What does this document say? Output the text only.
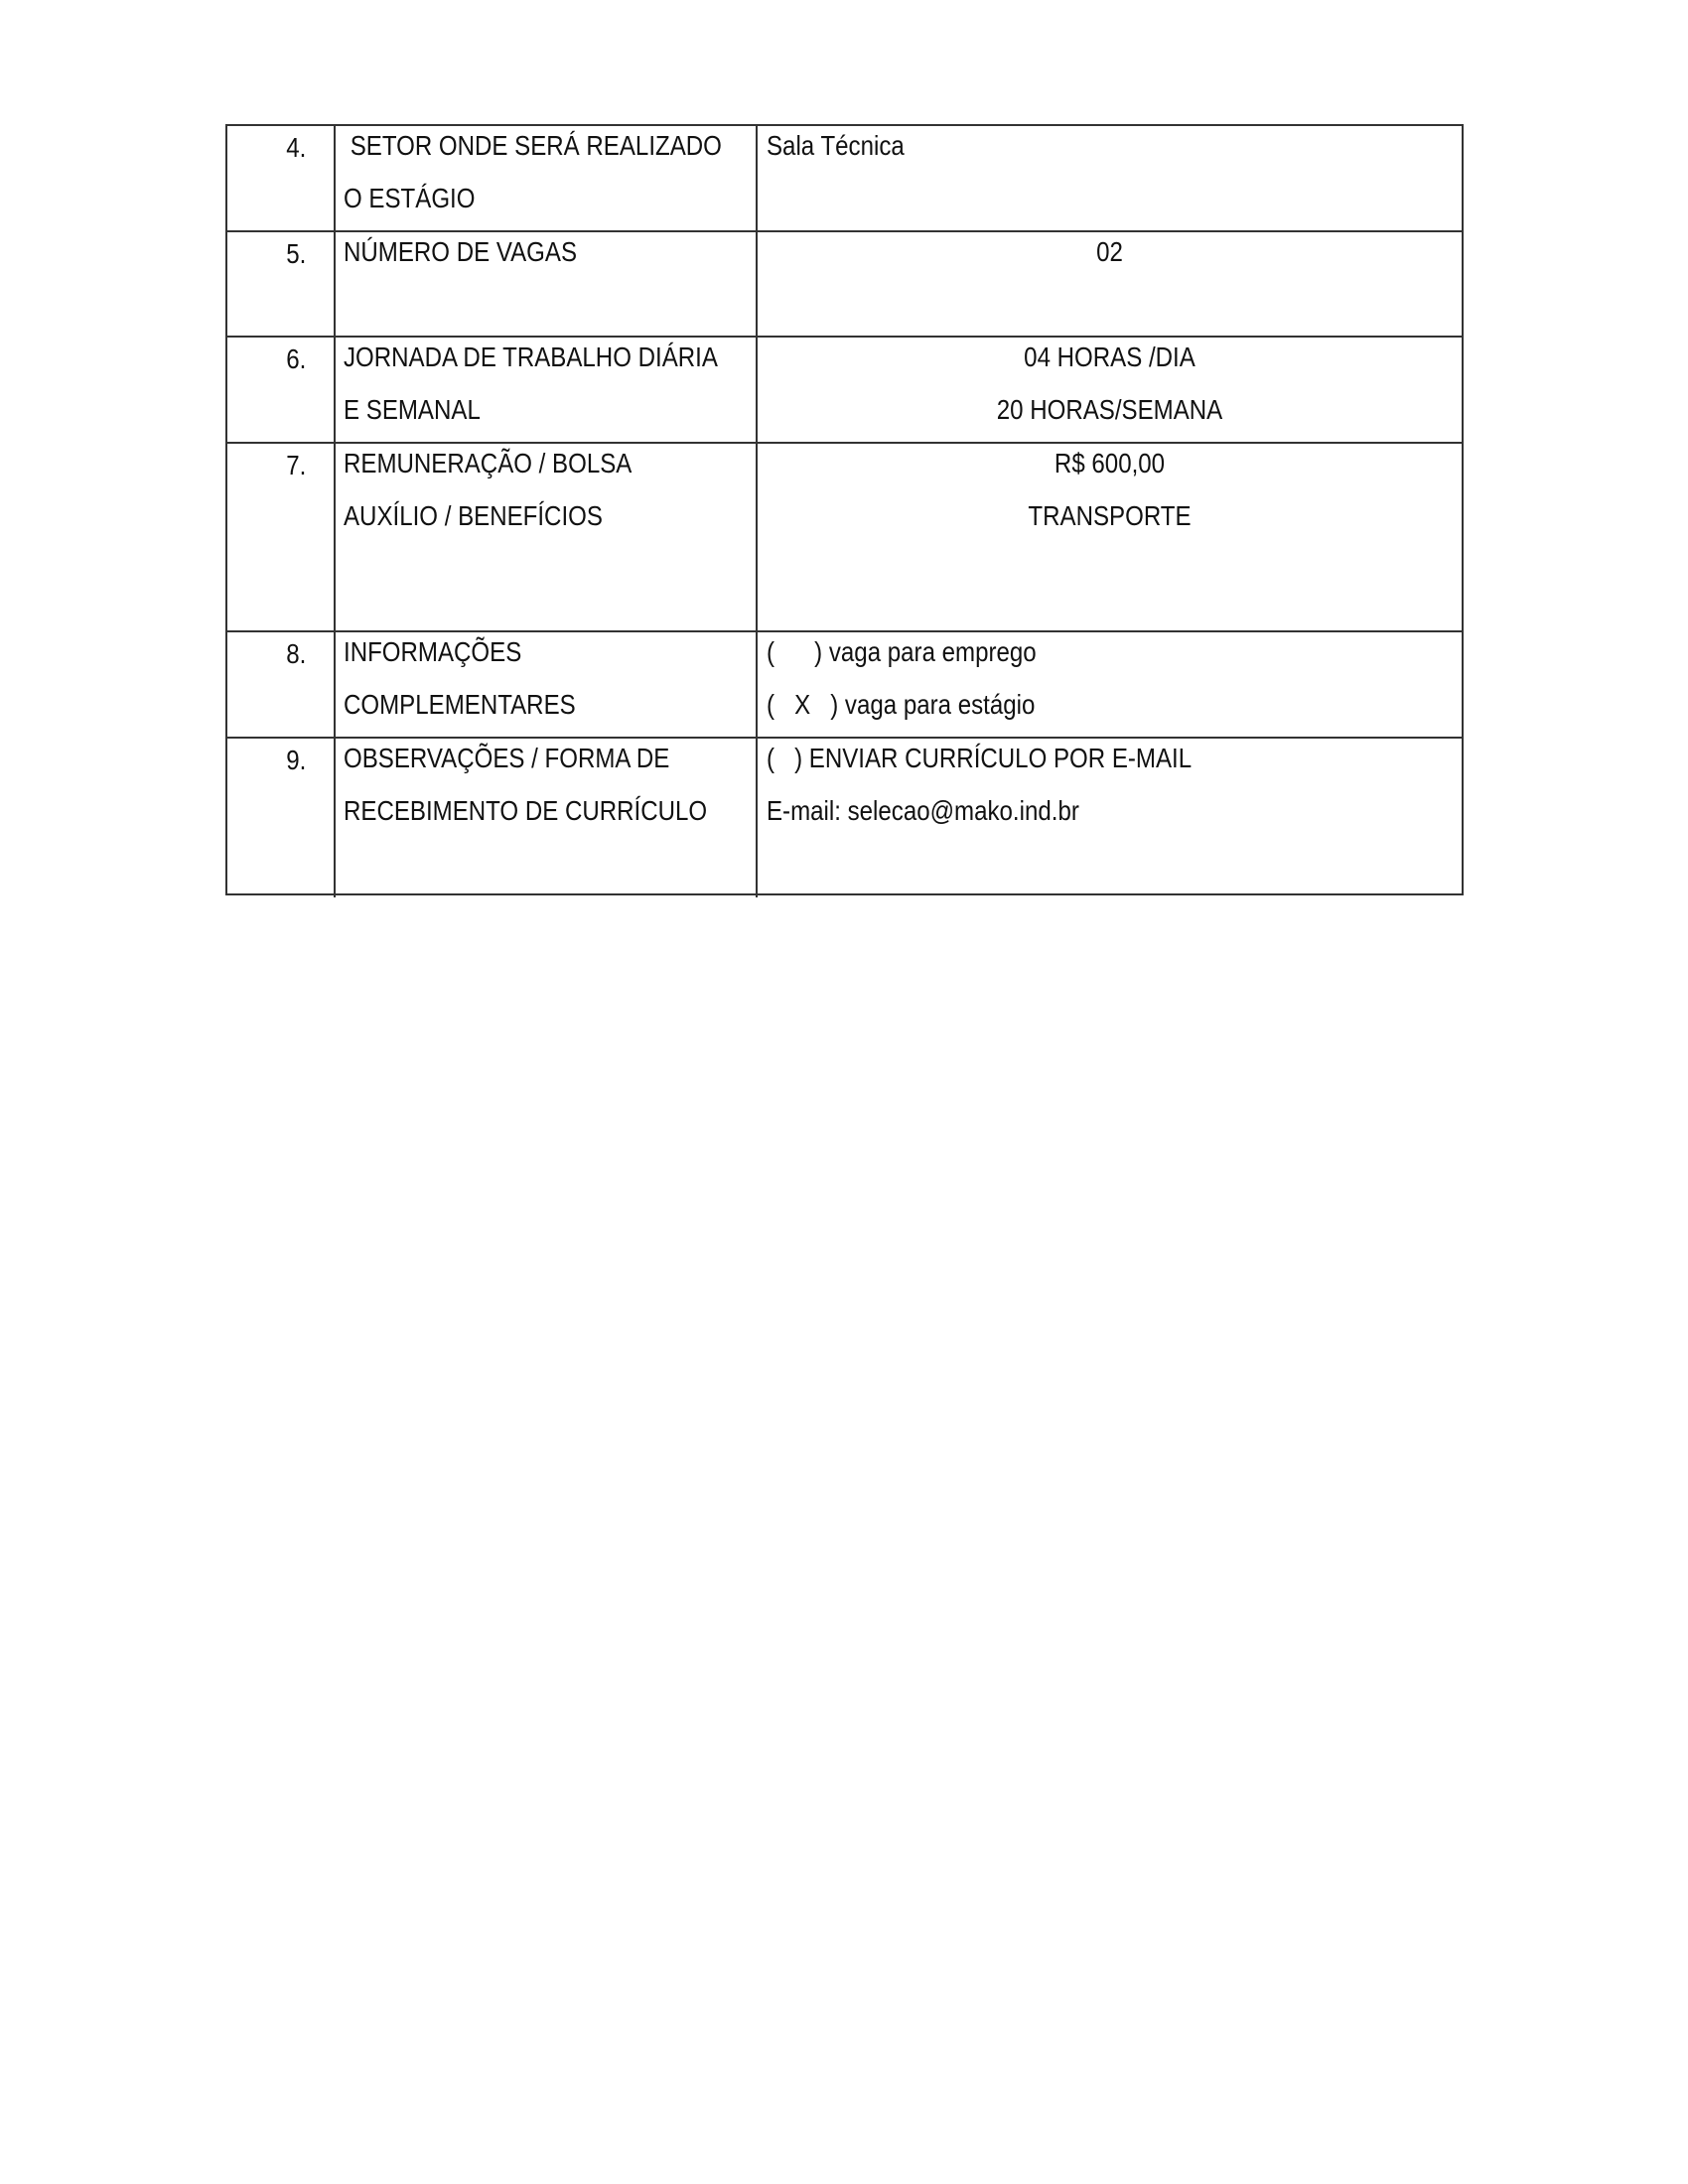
4. SETOR ONDE SERÁ REALIZADO
O ESTÁGIO
Sala Técnica
5. NÚMERO DE VAGAS	02
6. JORNADA DE TRABALHO DIÁRIA
E SEMANAL
04 HORAS /DIA
20 HORAS/SEMANA
7. REMUNERAÇÃO / BOLSA
AUXÍLIO / BENEFÍCIOS
R$ 600,00
TRANSPORTE
8. INFORMAÇÕES
COMPLEMENTARES
(      ) vaga para emprego
(   X   ) vaga para estágio
9. OBSERVAÇÕES / FORMA DE
RECEBIMENTO DE CURRÍCULO
(   ) ENVIAR CURRÍCULO POR E-MAIL
E-mail: selecao@mako.ind.br
